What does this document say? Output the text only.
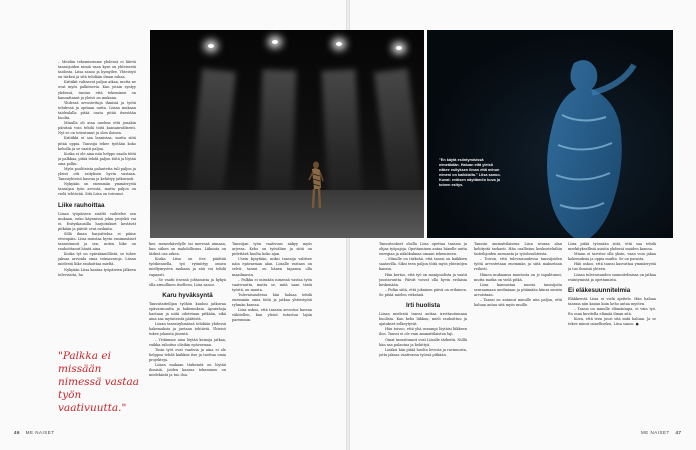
"En käytä esiintymisissä nimeäkään. Haluan että yleisö näkee esityksen ilman että minun nimeni on kaikkialla." Liisa sanoo. Kuvat: eväisen näyttämön kuva ja toinen esitys.

– Meidän tekemisemme yhdessä ei liitetä tanssijoiden nimiä vaan kyse on yhteisestä taidosta. Liisa sanoo ja hymyilee. Yhteistyö on tärkeä ja sitä tehdään ilman rahaa.

Kritiikit valtaavat paljon aikaa, mutta ne ovat myös palkitsevia. Kun jotain syntyy yhdessä, tuntuu että tekeminen on kannattanut ja yleisö on mukana.

Yhdessä arvostettuja ihmisiä ja työtä tehdessä ja opitaan uutta. Liisan mukaan taidealalla pitää osata pitää itsestään huolta.

Minulla oli aina unelma että jonakin päivänä voin tehdä töitä kansainvälisesti. Nyt se on toteutunut ja olen iloinen.

Kritiikki ei saa lannistaa, mutta siitä pitää oppia. Tanssija tekee työtään koko keholla ja se vaatii paljon.

Koska ei ole aina niin helppo saada töitä ja palkkaa, pitää tehdä paljon töitä ja löytää oma polku.

Myös pooliteista palautetta tuli paljon ja yleisö otti esityksen hyvin vastaan. Tanssiyhteisö kasvaa ja kehittyy jatkuvasti.

Nykyään on enemmän ymmärrystä tanssijan työn arvosta, mutta paljon on vielä tehtävää. Sitä Liisa on toivonut.

Liike rauhoittaa

Liisan työpäivien sisältö vaihtelee sen mukaan, onko käynnissä jokin projekti vai ei. Esityskausilla harjoitukset kestävät pitkään ja päivät ovat raskaita.

Sillä ilman harjoittelua ei pääse eteenpäin. Liisa muistaa hyvin ensimmäiset tanssitunnit ja sen, miten liike on rauhoittanut häntä aina.

Koska tyt on epäsäännöllistä, se tuhee jaksaa arvioida omia voimavaroja. Liisan mielestä liike rauhoittaa mieltä.

Nykyään Liisa kantaa työpäivien jälkeen televisiota, ha

"Palkka ei missään nimessä vastaa työn vaativuutta."

kee, meneekävelylle tai meressä uimaan, kun siihen on mahdollisuus. Liikunta on tärkeä osa arkea.

Koska Liisa on itse päättää työskennella, työ rytmittyy omien mieltymysten mukaan ja sitä voi tehdä vapaasti.

– Se vaatii itsensä johtamista ja kykyä olla armollinen itselleen, Liisa sanoo.

Karu hyväksyntä

Tanssitaiteilijan työhön kuuluu jatkuvaa epävarmuutta ja hakemuksia. Apurahoja haetaan ja niitä odotetaan pitkään, eikä aina saa myönteistä päätöstä.

Liisan tanssiryhmässä tehdään yhdessä hakemuksia ja jaetaan tehtäviä. Yhteisö tukee jokaista jäsentä.

– Yritämme aina löytää keinoja jatkaa, vaikka rahoitus olisikin epävarmaa.

Tosin työt ovat vaativia ja aina ei ole helppoa tehdä kaikkea itse ja tuottaa omia projekteja.

Liisan mukaan tärkeintä on löytää ihmisiä, joiden kanssa tekeminen on mielekästä ja tuo iloa.

Tanssijan työn vaativuus näkyy myös arjessa. Keho on työväline ja siitä on pidettävä huolta koko ajan.

Usein kysytään, miksi tanssija valitsee näin epävarman alan. Liisalle vastaus on selvä: tanssi on hänen tapansa olla maailmassa.

– Palkka ei missään nimessä vastaa työn vaativuutta, mutta se, mitä saan tästä työstä, on muuta.

Tulevaisuudessa hän haluaa tehdä enemmän omia töitä ja jatkaa yhteistyötä ryhmän kanssa.

Liisa uskoo, että tanssin arvostus kasvaa vähitellen, kun yleisö tutustuu lajiin paremmin.

Tanssiteokset ohella Liisa opettaa tanssia ja ohjaa työpajoja. Opettaminen antaa hänelle uutta energiaa ja näkökulmaa omaan tekemiseen.

– Minulle on tärkeää, että tanssi on kaikkien saatavilla. Siksi teen paljon töitä myös yhteisöjen kanssa.

Hän kertoo, että työ on monipuolista ja vaatii joustavuutta. Päivät voivat olla hyvin erilaisia keskenään.

– Pidän siitä, että jokainen päivä on erilainen. Se pitää mielen virkeänä.

Irti huolista

Liisan mielestä tanssi auttaa irrottautumaan huolista. Kun keho liikkuu, mieli rauhoittuu ja ajatukset selkeytyvät.

Hän toivoo, että yhä useampi löytäisi liikkeen ilon. Tanssi ei ole vain ammattilaisten laji.

Omat tanssitunnit ovat Liisalle tärkeitä. Niillä hän saa palautua ja kehittyä.

Lisäksi hän pitää huolta levosta ja ravinnosta, jotta jaksaa vaativassa työssä pitkään.

Tanssin ammattilaisena Liisa seuraa alan kehitystä tarkasti. Hän osallistuu keskusteluihin taiteilijoiden asemasta ja työolosuhteista.

– Toivon, että tulevaisuudessa tanssijoiden työtä arvostetaan enemmän ja siitä maksetaan reilusti.

Hänen mukaansa muutosta on jo tapahtunut, mutta matka on vielä pitkä.

Liisa kannustaa nuoria tanssijoita seuraamaan unelmiaan ja pitämään kiinni omista arvoistaan.

– Tanssi on antanut minulle niin paljon, että haluan antaa sitä myös muille.

Liisa pitää työssään siitä, että saa tehdä merkityksellisiä asioita yhdessä muiden kanssa.

Minun ei tarvitse olla yksin, vaan voin jakaa kokemuksia ja oppia muilta. Se on parasta.

Hän uskoo, että tanssi kasvattaa ymmärrystä ja tuo ihmisiä yhteen.

Liisan tulevaisuuden suunnitelmissa on jatkaa esiintymistä ja opettamista.

Ei eläkesuunnitelmia

Eläkkeestä Liisa ei vielä ajattele. Hän haluaa tanssia niin kauan kuin keho antaa myöten.

– Tanssi on minulle elämäntapa, ei vain työ. En osaa kuvitella elämää ilman sitä.

Koen, että teen juuri sitä mitä haluan. Ja se tekee minut onnelliseksi, Liisa sanoo. ●

46 ME NAISET	ME NAISET 47
